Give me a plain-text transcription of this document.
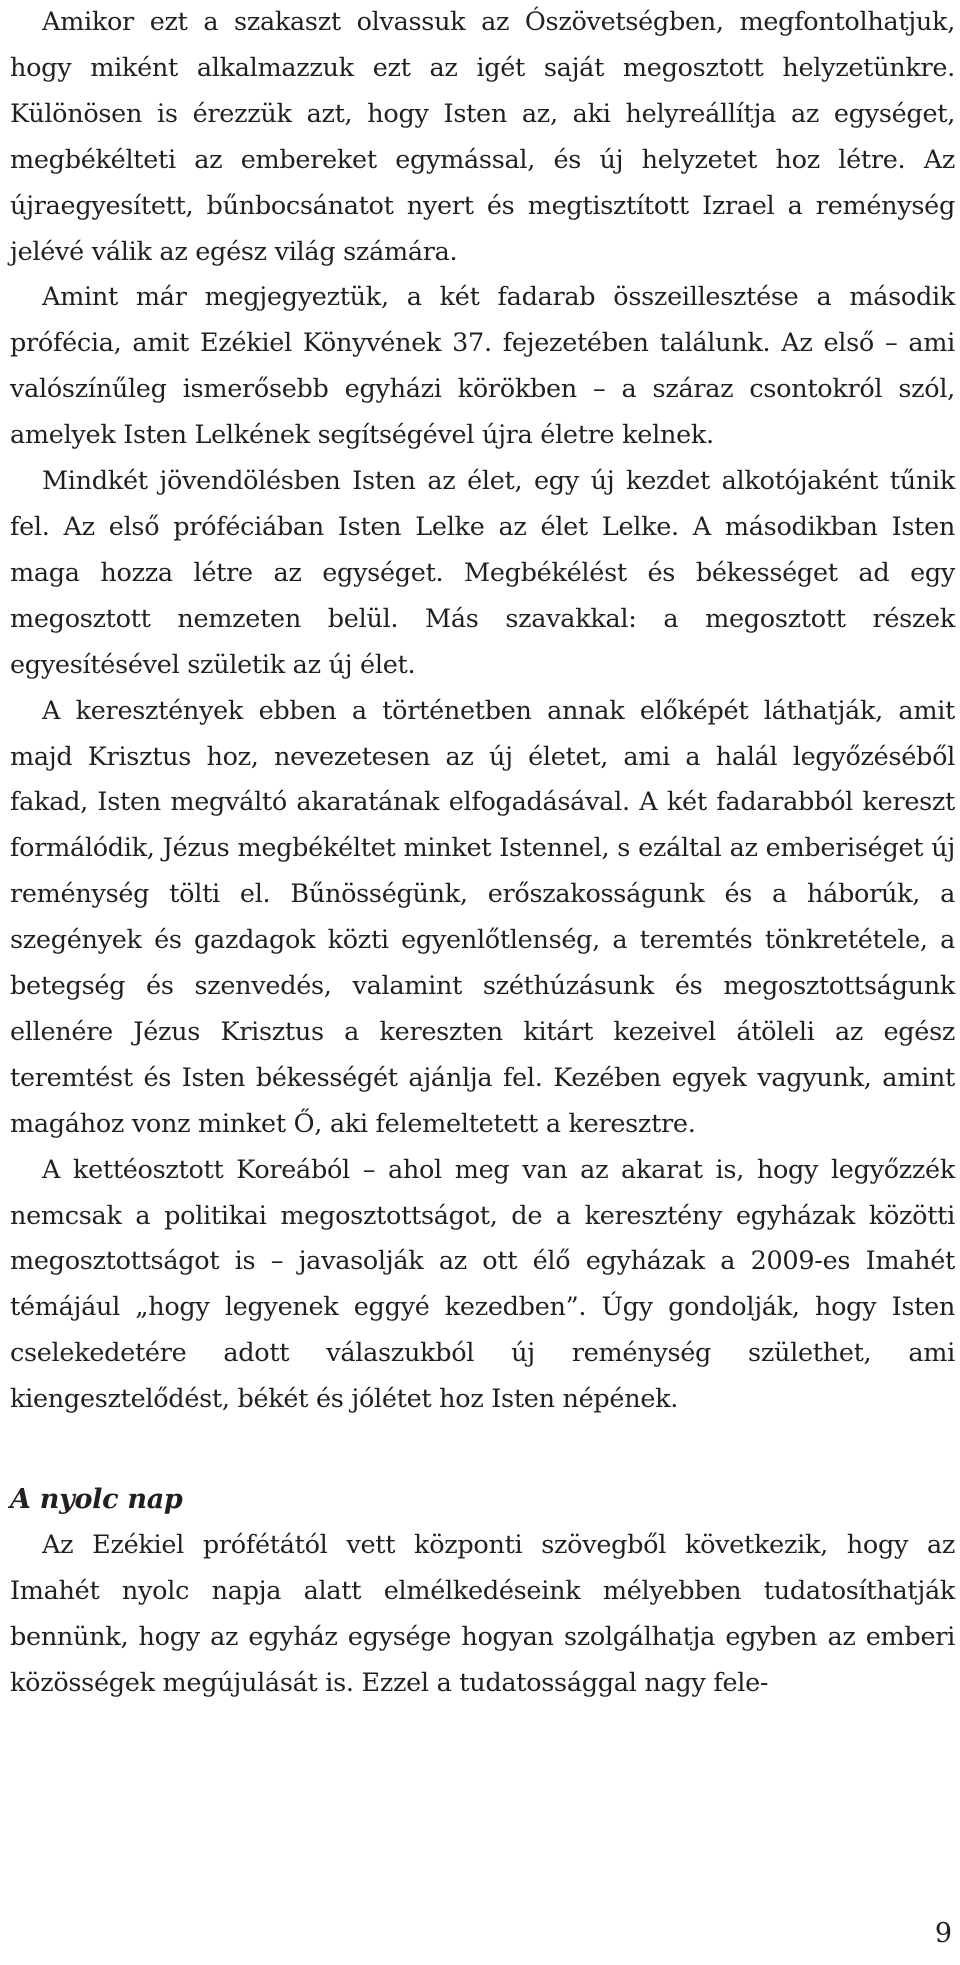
Amikor ezt a szakaszt olvassuk az Ószövetségben, megfontolhatjuk, hogy miként alkalmazzuk ezt az igét saját megosztott helyzetünkre. Különösen is érezzük azt, hogy Isten az, aki helyreállítja az egységet, megbékélteti az embereket egymással, és új helyzetet hoz létre. Az újraegyesített, bűnbocsánatot nyert és megtisztított Izrael a reménység jelévé válik az egész világ számára.

Amint már megjegyeztük, a két fadarab összeillesztése a második prófécia, amit Ezékiel Könyvének 37. fejezetében találunk. Az első – ami valószínűleg ismerősebb egyházi körökben – a száraz csontokról szól, amelyek Isten Lelkének segítségével újra életre kelnek.

Mindkét jövendölésben Isten az élet, egy új kezdet alkotójaként tűnik fel. Az első próféciában Isten Lelke az élet Lelke. A másodikban Isten maga hozza létre az egységet. Megbékélést és békességet ad egy megosztott nemzeten belül. Más szavakkal: a megosztott részek egyesítésével születik az új élet.

A keresztények ebben a történetben annak előképét láthatják, amit majd Krisztus hoz, nevezetesen az új életet, ami a halál legyőzéséből fakad, Isten megváltó akaratának elfogadásával. A két fadarabból kereszt formálódik, Jézus megbékéltet minket Istennel, s ezáltal az emberiséget új reménység tölti el. Bűnösségünk, erőszakosságunk és a háborúk, a szegények és gazdagok közti egyenlőtlenség, a teremtés tönkretétele, a betegség és szenvedés, valamint széthúzásunk és megosztottságunk ellenére Jézus Krisztus a kereszten kitárt kezeivel átöleli az egész teremtést és Isten békességét ajánlja fel. Kezében egyek vagyunk, amint magához vonz minket Ő, aki felemeltetett a keresztre.

A kettéosztott Koreából – ahol meg van az akarat is, hogy legyőzzék nemcsak a politikai megosztottságot, de a keresztény egyházak közötti megosztottságot is – javasolják az ott élő egyházak a 2009-es Imahét témájául „hogy legyenek eggyé kezedben”. Úgy gondolják, hogy Isten cselekedetére adott válaszukból új reménység születhet, ami kiengesztelődést, békét és jólétet hoz Isten népének.

A nyolc nap

Az Ezékiel prófétától vett központi szövegből következik, hogy az Imahét nyolc napja alatt elmélkedéseink mélyebben tudatosíthatják bennünk, hogy az egyház egysége hogyan szolgálhatja egyben az emberi közösségek megújulását is. Ezzel a tudatossággal nagy fele-

9
